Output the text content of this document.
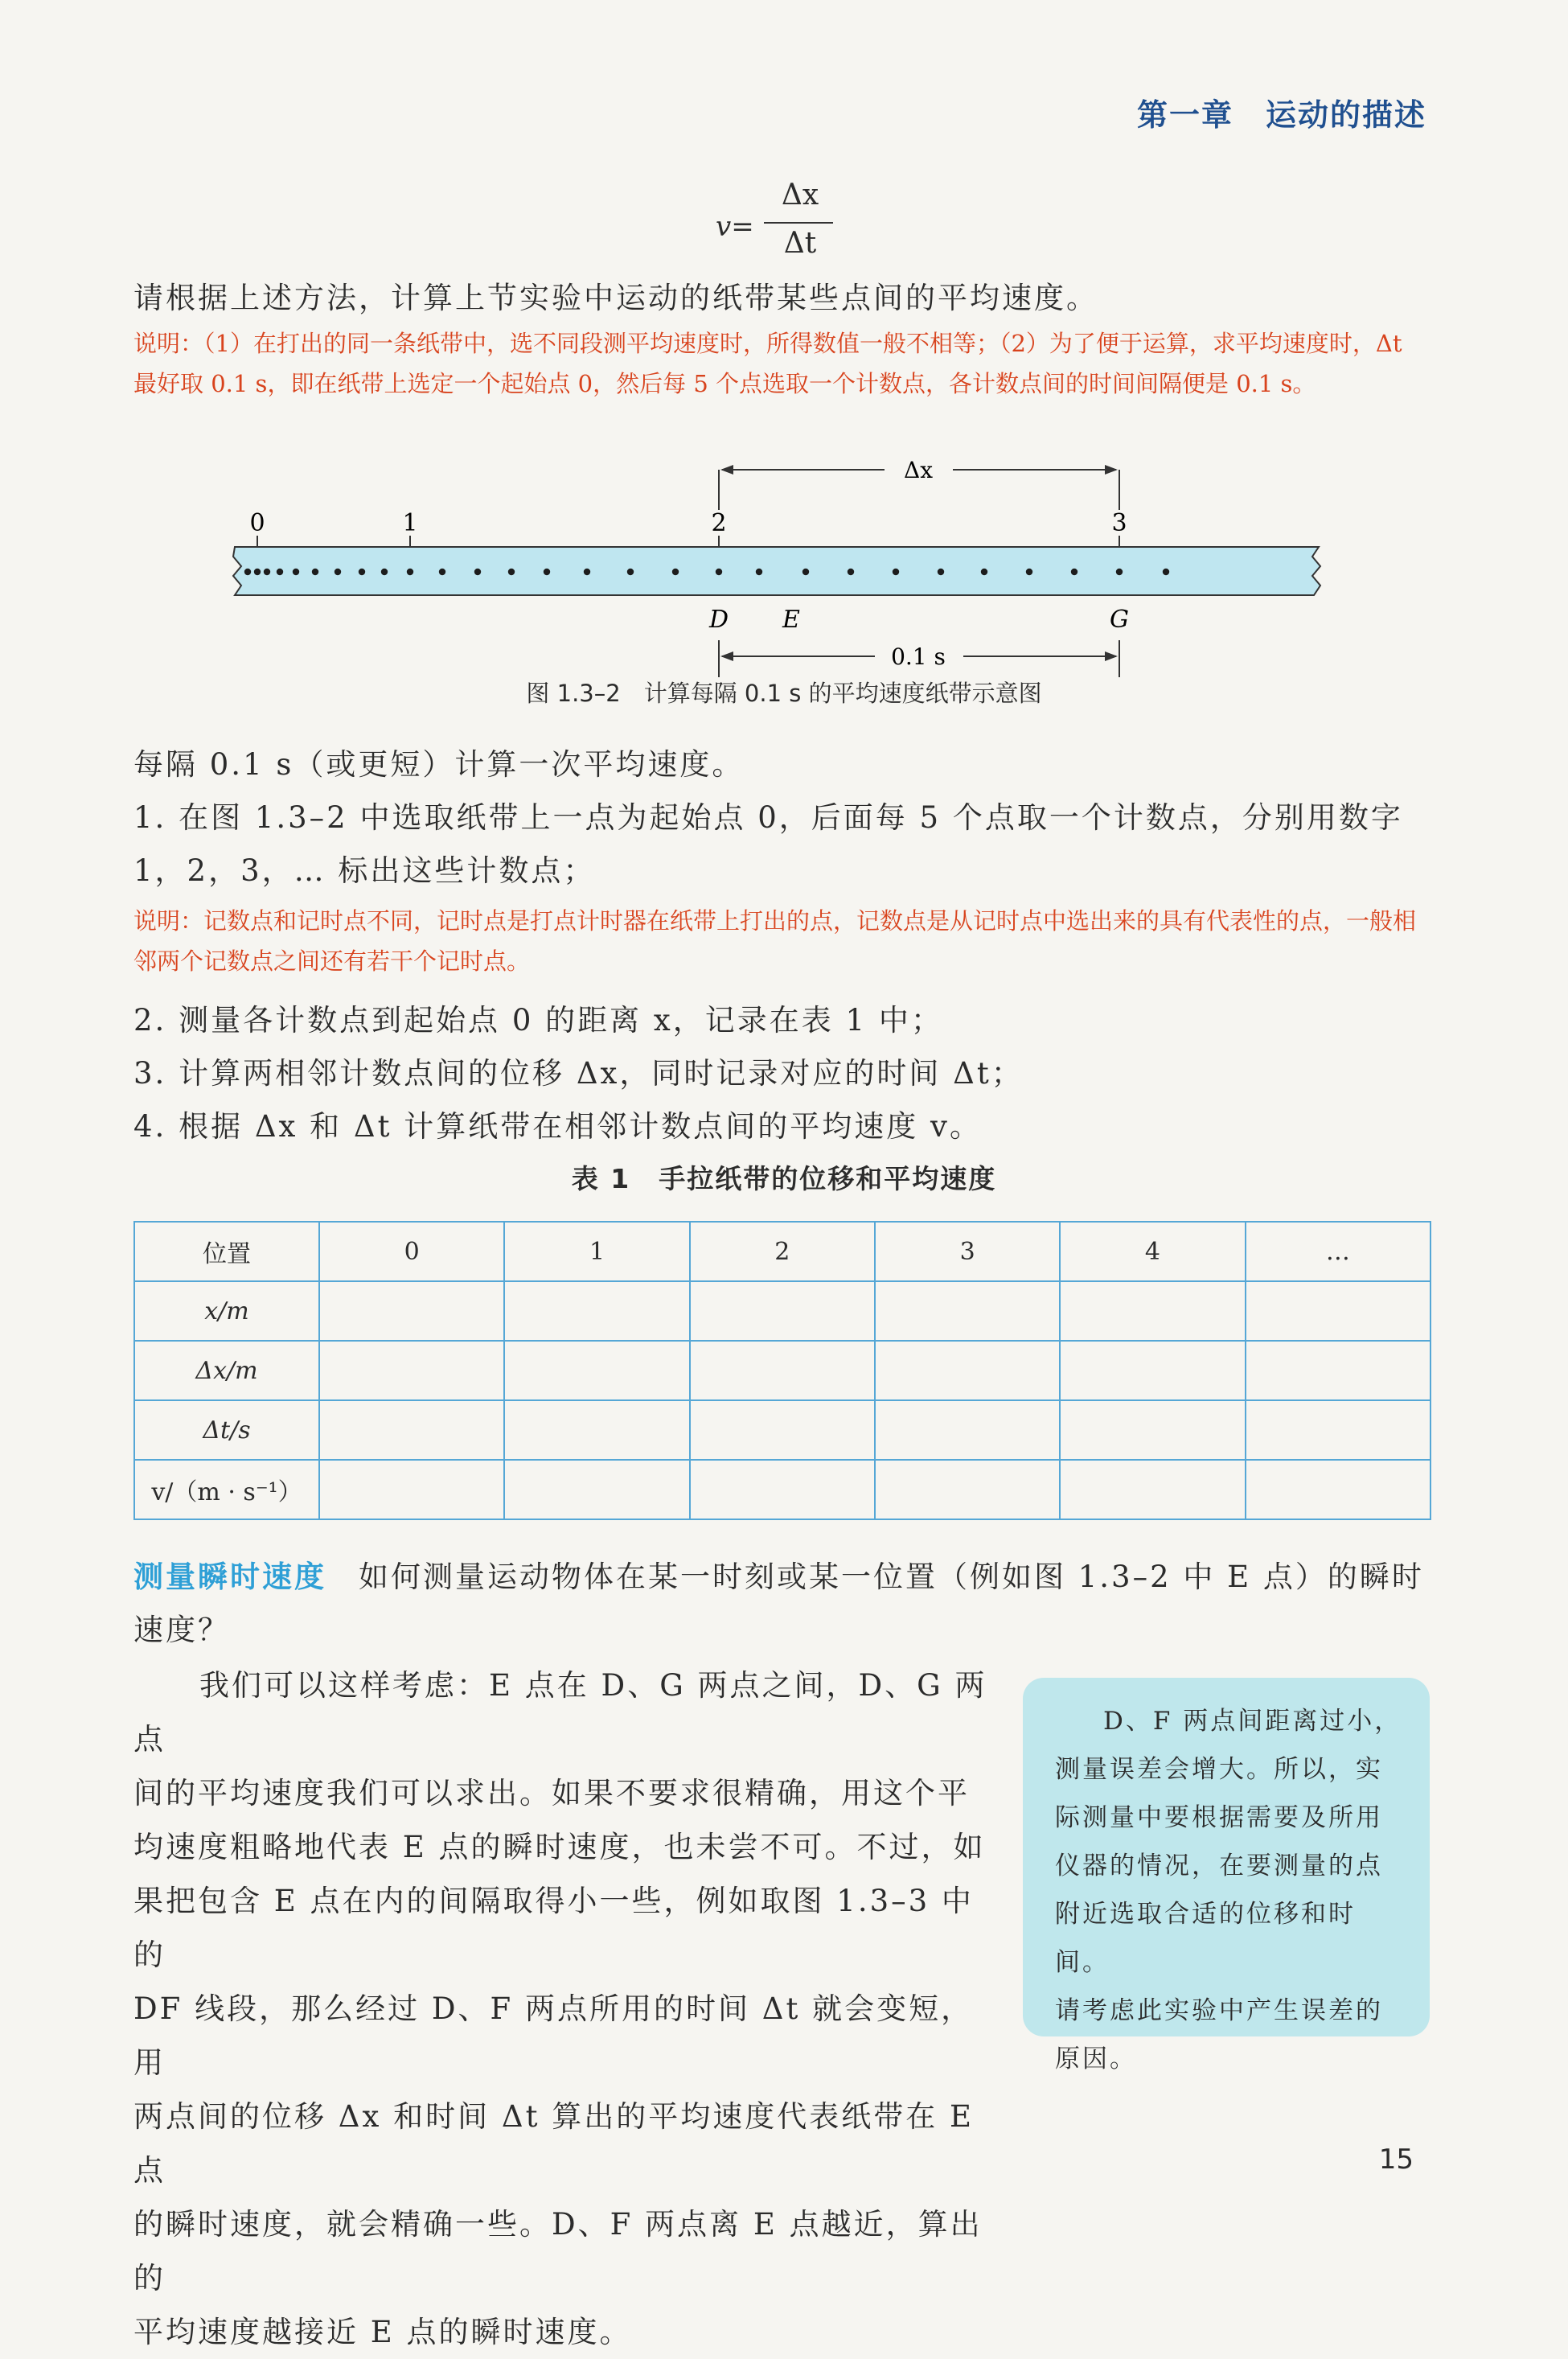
第一章　运动的描述
v=
Δx
Δt
请根据上述方法，计算上节实验中运动的纸带某些点间的平均速度。
说明：（1）在打出的同一条纸带中，选不同段测平均速度时，所得数值一般不相等；（2）为了便于运算，求平均速度时，Δt 最好取 0.1 s，即在纸带上选定一个起始点 0，然后每 5 个点选取一个计数点，各计数点间的时间间隔便是 0.1 s。
Δx
0	1	2	3
D E	G
0.1 s
图 1.3–2　计算每隔 0.1 s 的平均速度纸带示意图
每隔 0.1 s（或更短）计算一次平均速度。
1. 在图 1.3–2 中选取纸带上一点为起始点 0，后面每 5 个点取一个计数点，分别用数字 1，2，3，… 标出这些计数点；
说明：记数点和记时点不同，记时点是打点计时器在纸带上打出的点，记数点是从记时点中选出来的具有代表性的点，一般相邻两个记数点之间还有若干个记时点。
2. 测量各计数点到起始点 0 的距离 x，记录在表 1 中；
3. 计算两相邻计数点间的位移 Δx，同时记录对应的时间 Δt；
4. 根据 Δx 和 Δt 计算纸带在相邻计数点间的平均速度 v。
表 1　手拉纸带的位移和平均速度
位置	0	1	2	3	4	…
x/m						
Δx/m						
Δt/s						
v/（m · s⁻¹）						
测量瞬时速度 如何测量运动物体在某一时刻或某一位置（例如图 1.3–2 中 E 点）的瞬时速度？
我们可以这样考虑：E 点在 D、G 两点之间，D、G 两点
间的平均速度我们可以求出。如果不要求很精确，用这个平
均速度粗略地代表 E 点的瞬时速度，也未尝不可。不过，如
果把包含 E 点在内的间隔取得小一些，例如取图 1.3–3 中的
DF 线段，那么经过 D、F 两点所用的时间 Δt 就会变短，用
两点间的位移 Δx 和时间 Δt 算出的平均速度代表纸带在 E 点
的瞬时速度，就会精确一些。D、F 两点离 E 点越近，算出的
平均速度越接近 E 点的瞬时速度。
D、F 两点间距离过小，
测量误差会增大。所以，实
际测量中要根据需要及所用
仪器的情况，在要测量的点
附近选取合适的位移和时间。
请考虑此实验中产生误差的
原因。
15
